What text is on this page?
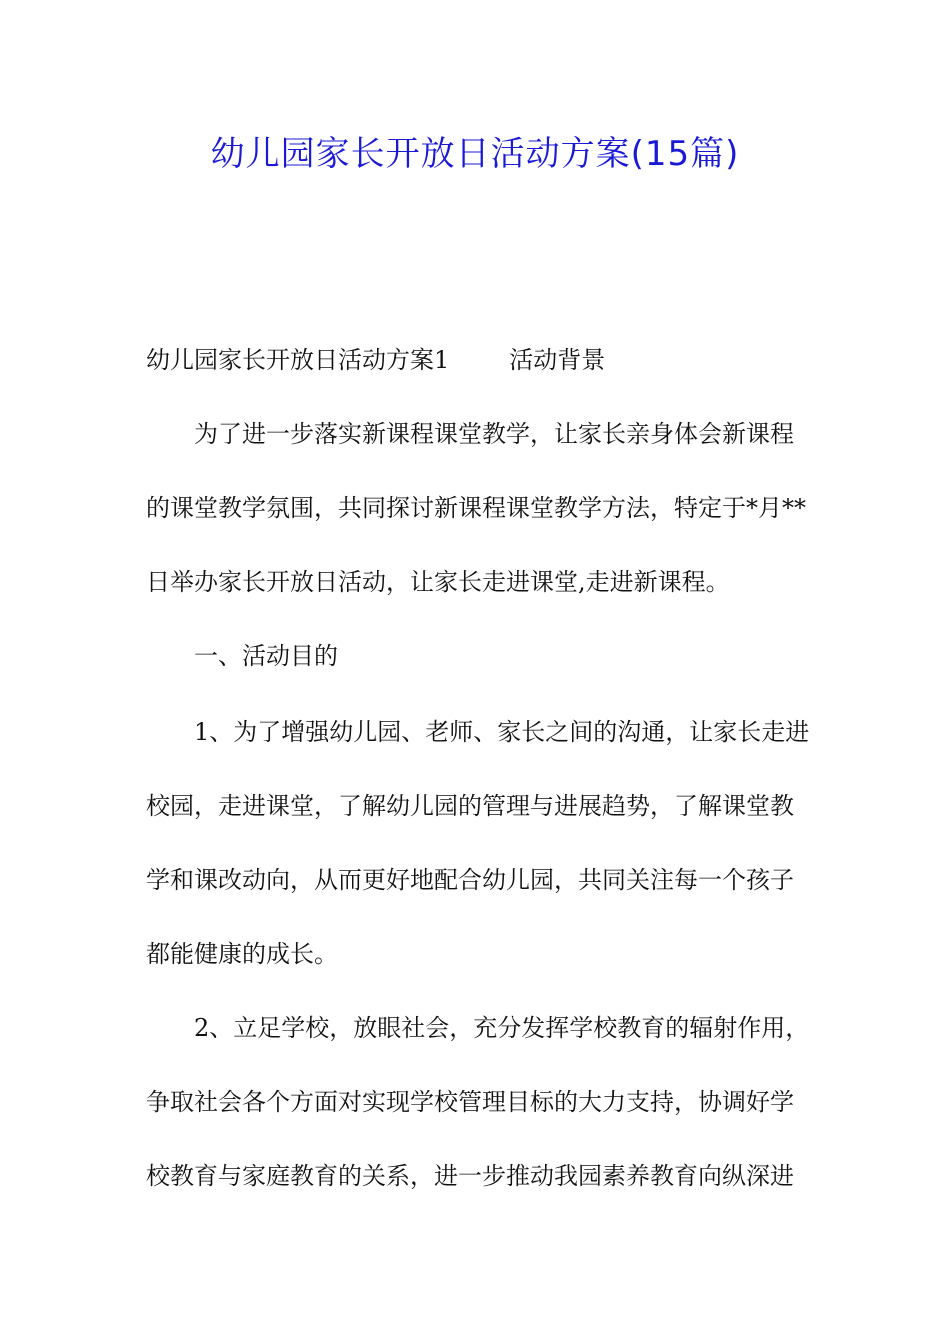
幼儿园家长开放日活动方案(15篇)
幼儿园家长开放日活动方案1	活动背景
为了进一步落实新课程课堂教学，让家长亲身体会新课程
的课堂教学氛围，共同探讨新课程课堂教学方法，特定于*月**
日举办家长开放日活动，让家长走进课堂,走进新课程。
一、活动目的
1、为了增强幼儿园、老师、家长之间的沟通，让家长走进
校园，走进课堂，了解幼儿园的管理与进展趋势，了解课堂教
学和课改动向，从而更好地配合幼儿园，共同关注每一个孩子
都能健康的成长。
2、立足学校，放眼社会，充分发挥学校教育的辐射作用，
争取社会各个方面对实现学校管理目标的大力支持，协调好学
校教育与家庭教育的关系，进一步推动我园素养教育向纵深进
